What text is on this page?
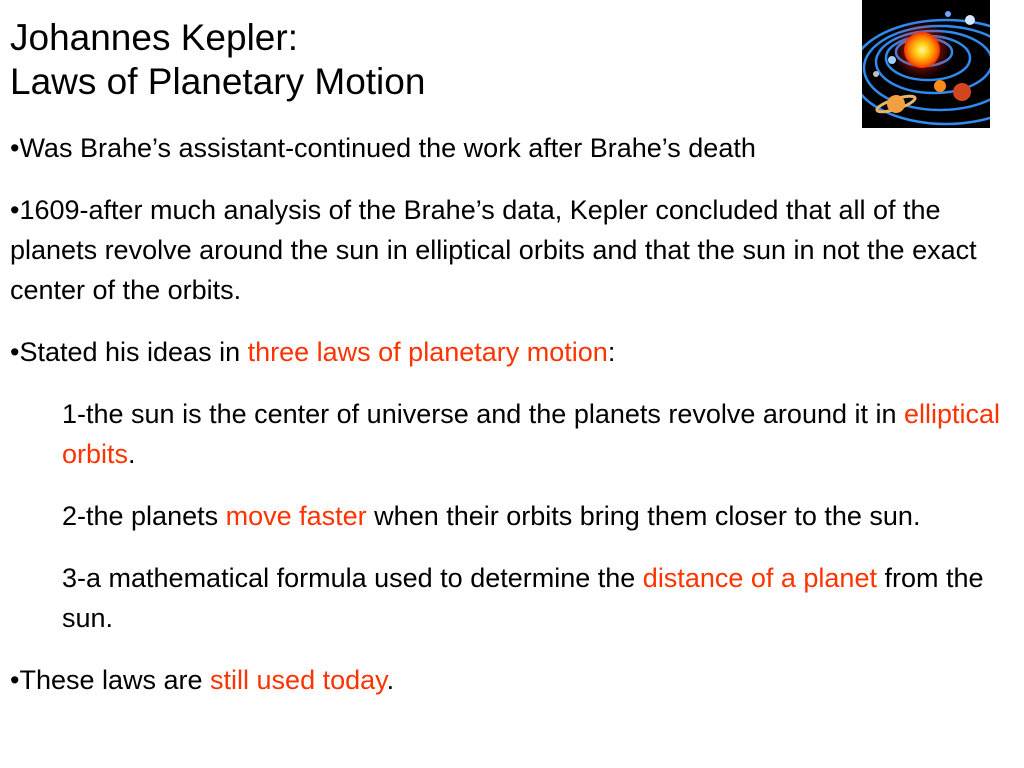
Johannes Kepler:
Laws of Planetary Motion

•Was Brahe’s assistant-continued the work after Brahe’s death

•1609-after much analysis of the Brahe’s data, Kepler concluded that all of the planets revolve around the sun in elliptical orbits and that the sun in not the exact center of the orbits.

•Stated his ideas in three laws of planetary motion:

1-the sun is the center of universe and the planets revolve around it in elliptical orbits.

2-the planets move faster when their orbits bring them closer to the sun.

3-a mathematical formula used to determine the distance of a planet from the sun.

•These laws are still used today.
